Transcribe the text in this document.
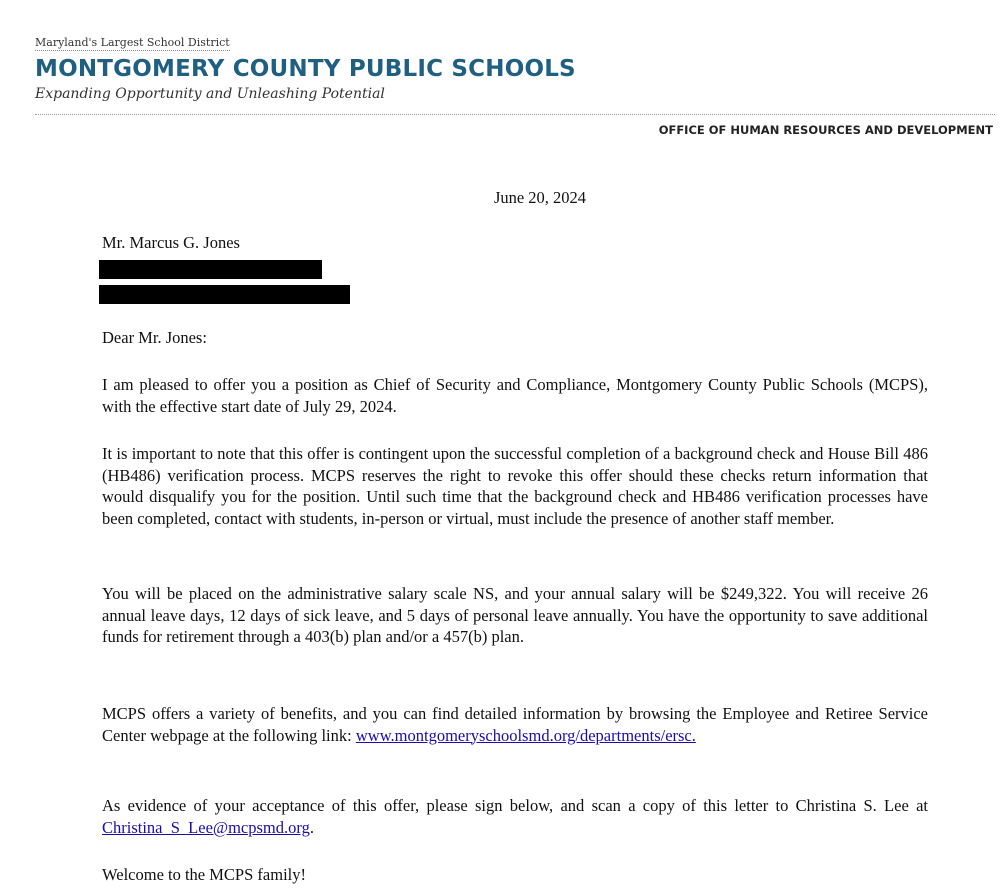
Maryland's Largest School District
MONTGOMERY COUNTY PUBLIC SCHOOLS
Expanding Opportunity and Unleashing Potential
OFFICE OF HUMAN RESOURCES AND DEVELOPMENT
June 20, 2024
Mr. Marcus G. Jones
Dear Mr. Jones:

I am pleased to offer you a position as Chief of Security and Compliance, Montgomery County Public Schools (MCPS), with the effective start date of July 29, 2024.

It is important to note that this offer is contingent upon the successful completion of a background check and House Bill 486 (HB486) verification process. MCPS reserves the right to revoke this offer should these checks return information that would disqualify you for the position. Until such time that the background check and HB486 verification processes have been completed, contact with students, in-person or virtual, must include the presence of another staff member.

You will be placed on the administrative salary scale NS, and your annual salary will be $249,322. You will receive 26 annual leave days, 12 days of sick leave, and 5 days of personal leave annually. You have the opportunity to save additional funds for retirement through a 403(b) plan and/or a 457(b) plan.

MCPS offers a variety of benefits, and you can find detailed information by browsing the Employee and Retiree Service Center webpage at the following link: www.montgomeryschoolsmd.org/departments/ersc.

As evidence of your acceptance of this offer, please sign below, and scan a copy of this letter to Christina S. Lee at Christina_S_Lee@mcpsmd.org.

Welcome to the MCPS family!
